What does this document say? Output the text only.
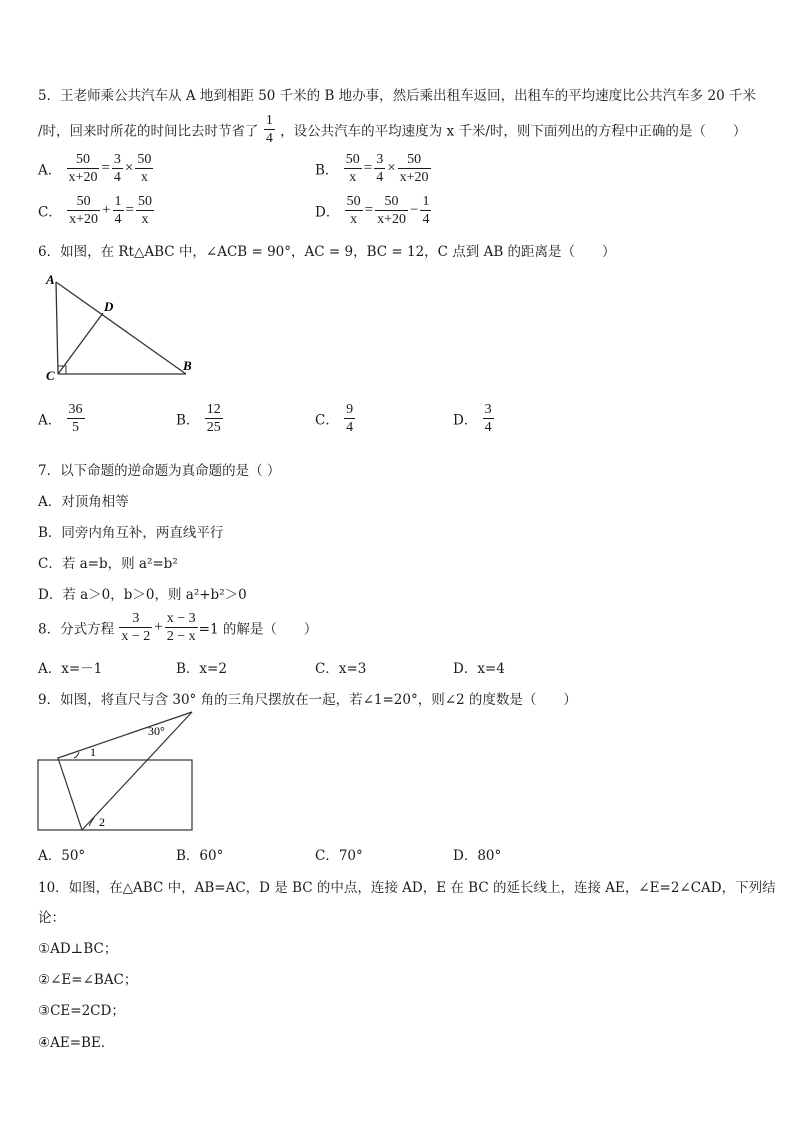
5．王老师乘公共汽车从 A 地到相距 50 千米的 B 地办事，然后乘出租车返回，出租车的平均速度比公共汽车多 20 千米
/时，回来时所花的时间比去时节省了 $\frac{1}{4}$ ，设公共汽车的平均速度为 x 千米/时，则下面列出的方程中正确的是（　　）
A． $\frac{50}{x+20} = \frac{3}{4} \times \frac{50}{x}$	B． $\frac{50}{x} = \frac{3}{4} \times \frac{50}{x+20}$
C． $\frac{50}{x+20} + \frac{1}{4} = \frac{50}{x}$	D． $\frac{50}{x} = \frac{50}{x+20} - \frac{1}{4}$
6．如图，在 Rt△ABC 中，∠ACB = 90°，AC = 9，BC = 12，C 点到 AB 的距离是（　　）
A
D
C
B
A． $\frac{36}{5}$	B． $\frac{12}{25}$	C． $\frac{9}{4}$	D． $\frac{3}{4}$
7．以下命题的逆命题为真命题的是（ ）
A．对顶角相等
B．同旁内角互补，两直线平行
C．若 a=b，则 a²=b²
D．若 a＞0，b＞0，则 a²+b²＞0
8．分式方程 $\frac{3}{x - 2} + \frac{x - 3}{2 - x} =1$ 的解是（　　）
A．x=－1	B．x=2	C．x=3	D．x=4
9．如图，将直尺与含 30° 角的三角尺摆放在一起，若∠1=20°，则∠2 的度数是（　　）
30°
1
2
A．50°	B．60°	C．70°	D．80°
10．如图，在△ABC 中，AB=AC，D 是 BC 的中点，连接 AD，E 在 BC 的延长线上，连接 AE，∠E=2∠CAD，下列结
论：
①AD⊥BC；
②∠E=∠BAC；
③CE=2CD；
④AE=BE．
